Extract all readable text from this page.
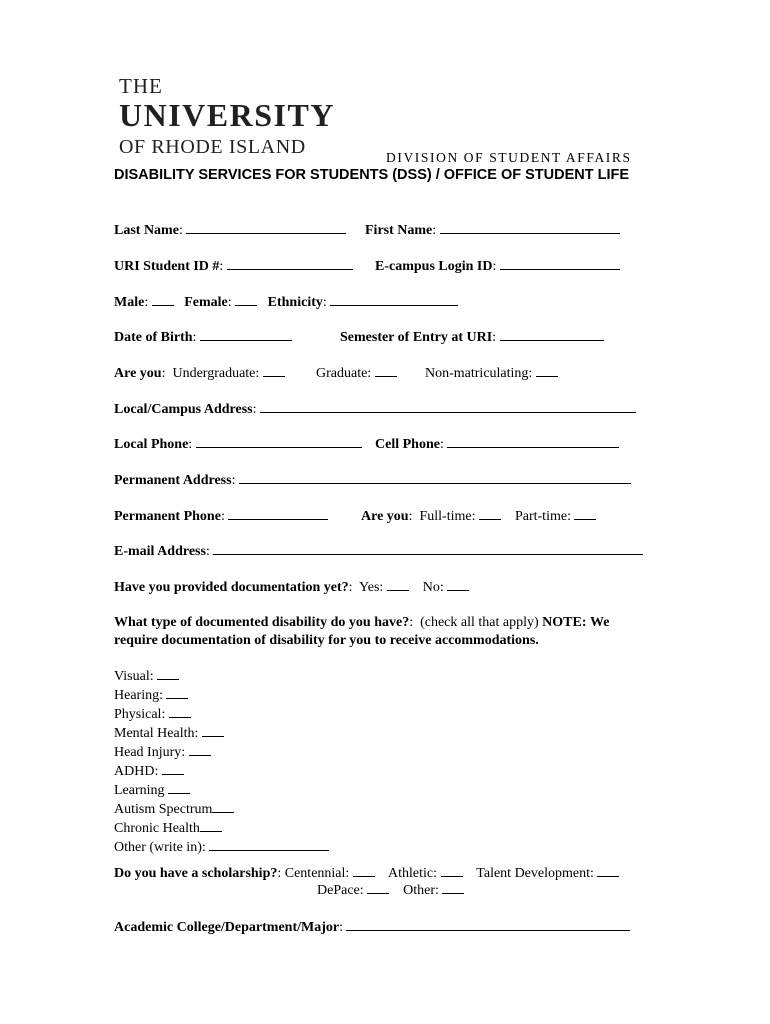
THE
UNIVERSITY
OF RHODE ISLAND	DIVISION OF STUDENT AFFAIRS
DISABILITY SERVICES FOR STUDENTS (DSS) / OFFICE OF STUDENT LIFE
Last Name:	First Name:
URI Student ID #:	E-campus Login ID:
Male:    Female:    Ethnicity:
Date of Birth:	Semester of Entry at URI:
Are you:  Undergraduate:	Graduate:	Non-matriculating:
Local/Campus Address:
Local Phone:	Cell Phone:
Permanent Address:
Permanent Phone:	Are you:  Full-time:	Part-time:
E-mail Address:
Have you provided documentation yet?:  Yes:	No:
What type of documented disability do you have?:  (check all that apply) NOTE: We
require documentation of disability for you to receive accommodations.
Visual:
Hearing:
Physical:
Mental Health:
Head Injury:
ADHD:
Learning
Autism Spectrum
Chronic Health
Other (write in):
Do you have a scholarship?: Centennial:	Athletic:	Talent Development:
DePace:	Other:
Academic College/Department/Major:
